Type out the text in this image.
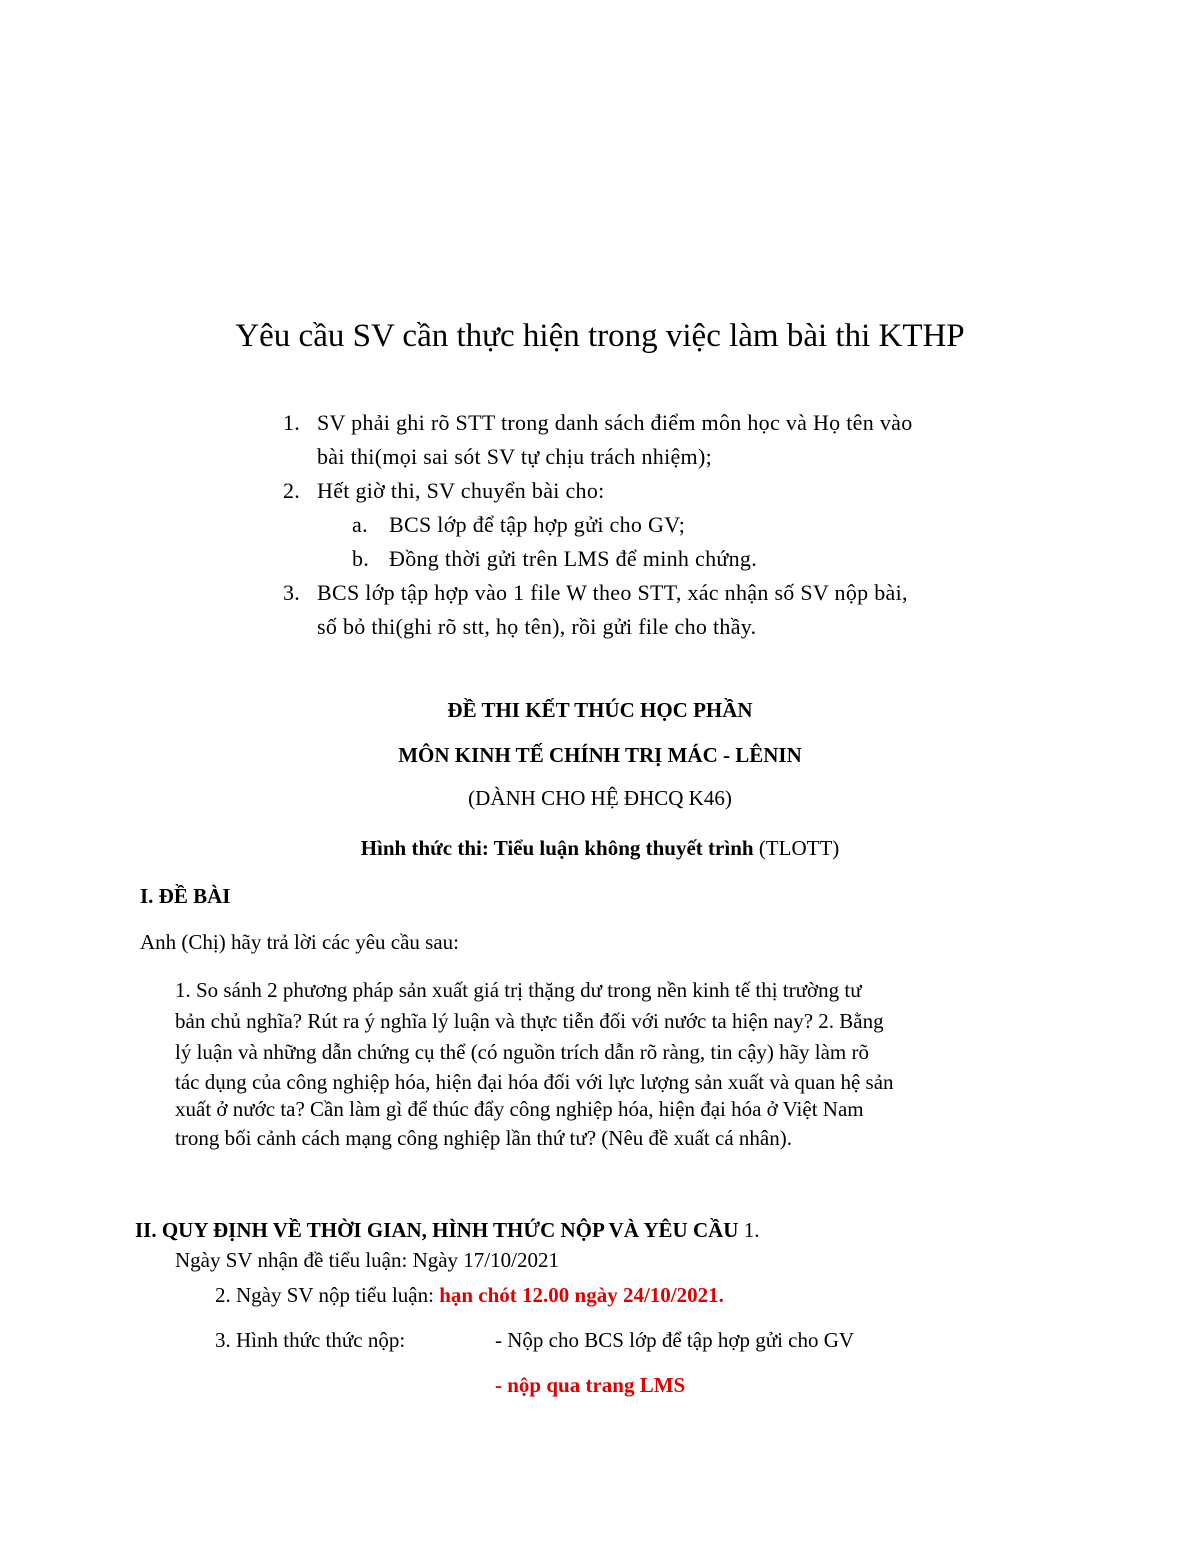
Yêu cầu SV cần thực hiện trong việc làm bài thi KTHP
1. SV phải ghi rõ STT trong danh sách điểm môn học và Họ tên vào
bài thi(mọi sai sót SV tự chịu trách nhiệm);
2. Hết giờ thi, SV chuyển bài cho:
a. BCS lớp để tập hợp gửi cho GV;
b. Đồng thời gửi trên LMS để minh chứng.
3. BCS lớp tập hợp vào 1 file W theo STT, xác nhận số SV nộp bài,
số bỏ thi(ghi rõ stt, họ tên), rồi gửi file cho thầy.
ĐỀ THI KẾT THÚC HỌC PHẦN
MÔN KINH TẾ CHÍNH TRỊ MÁC - LÊNIN
(DÀNH CHO HỆ ĐHCQ K46)
Hình thức thi: Tiểu luận không thuyết trình (TLOTT)
I. ĐỀ BÀI
Anh (Chị) hãy trả lời các yêu cầu sau:
1. So sánh 2 phương pháp sản xuất giá trị thặng dư trong nền kinh tế thị trường tư
bản chủ nghĩa? Rút ra ý nghĩa lý luận và thực tiễn đối với nước ta hiện nay? 2. Bằng
lý luận và những dẫn chứng cụ thể (có nguồn trích dẫn rõ ràng, tin cậy) hãy làm rõ
tác dụng của công nghiệp hóa, hiện đại hóa đối với lực lượng sản xuất và quan hệ sản
xuất ở nước ta? Cần làm gì để thúc đẩy công nghiệp hóa, hiện đại hóa ở Việt Nam
trong bối cảnh cách mạng công nghiệp lần thứ tư? (Nêu đề xuất cá nhân).
II. QUY ĐỊNH VỀ THỜI GIAN, HÌNH THỨC NỘP VÀ YÊU CẦU 1.
Ngày SV nhận đề tiểu luận: Ngày 17/10/2021
2. Ngày SV nộp tiểu luận: hạn chót 12.00 ngày 24/10/2021.
3. Hình thức thức nộp:	- Nộp cho BCS lớp để tập hợp gửi cho GV
- nộp qua trang LMS
